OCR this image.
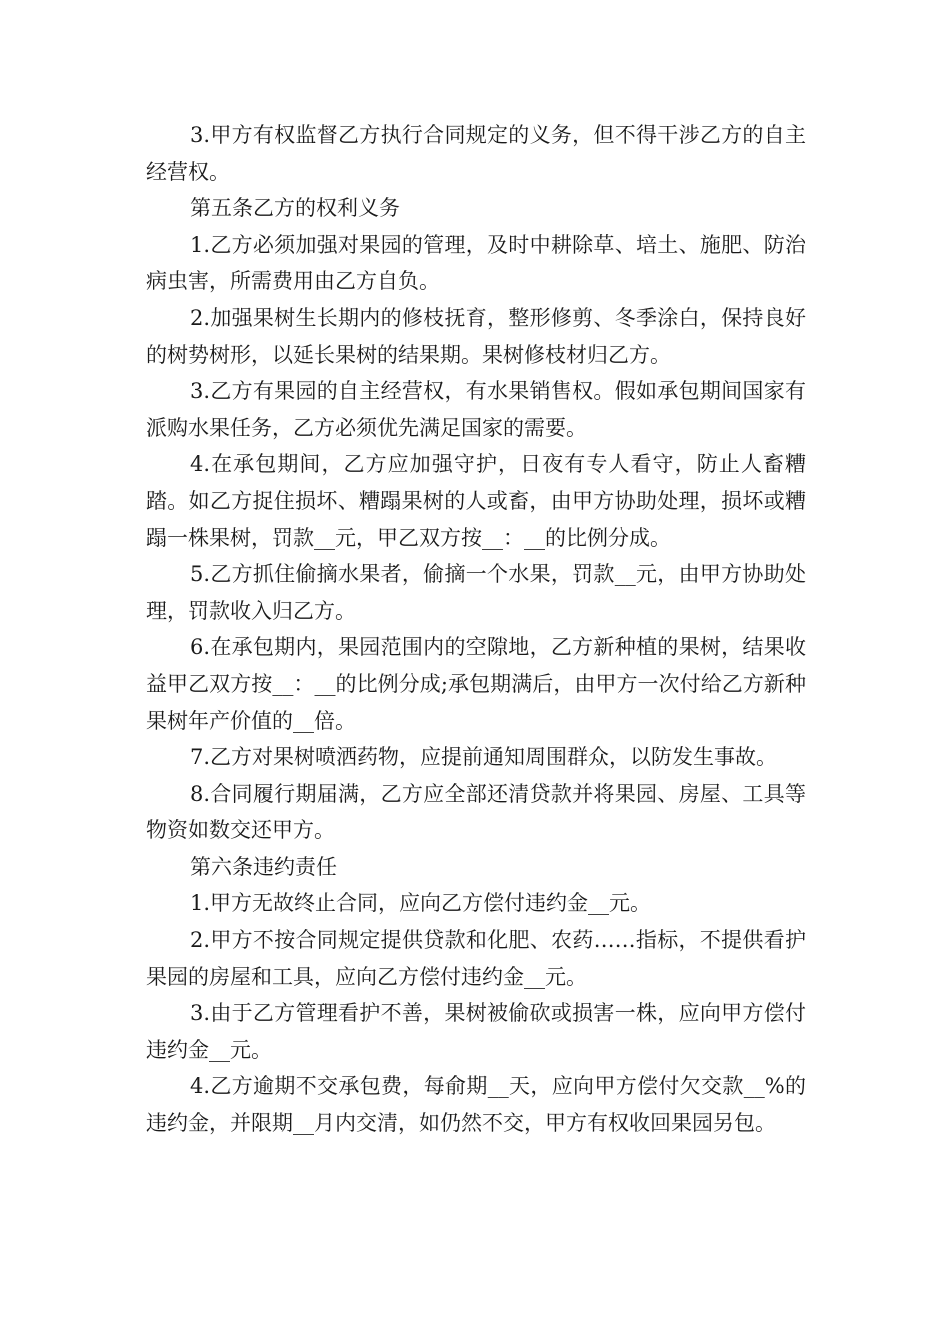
3.甲方有权监督乙方执行合同规定的义务，但不得干涉乙方的自主经营权。

第五条乙方的权利义务

1.乙方必须加强对果园的管理，及时中耕除草、培土、施肥、防治病虫害，所需费用由乙方自负。

2.加强果树生长期内的修枝抚育，整形修剪、冬季涂白，保持良好的树势树形，以延长果树的结果期。果树修枝材归乙方。

3.乙方有果园的自主经营权，有水果销售权。假如承包期间国家有派购水果任务，乙方必须优先满足国家的需要。

4.在承包期间，乙方应加强守护，日夜有专人看守，防止人畜糟踏。如乙方捉住损坏、糟蹋果树的人或畜，由甲方协助处理，损坏或糟蹋一株果树，罚款__元，甲乙双方按__：__的比例分成。

5.乙方抓住偷摘水果者，偷摘一个水果，罚款__元，由甲方协助处理，罚款收入归乙方。

6.在承包期内，果园范围内的空隙地，乙方新种植的果树，结果收益甲乙双方按__：__的比例分成;承包期满后，由甲方一次付给乙方新种果树年产价值的__倍。

7.乙方对果树喷洒药物，应提前通知周围群众，以防发生事故。

8.合同履行期届满，乙方应全部还清贷款并将果园、房屋、工具等物资如数交还甲方。

第六条违约责任

1.甲方无故终止合同，应向乙方偿付违约金__元。

2.甲方不按合同规定提供贷款和化肥、农药……指标，不提供看护果园的房屋和工具，应向乙方偿付违约金__元。

3.由于乙方管理看护不善，果树被偷砍或损害一株，应向甲方偿付违约金__元。

4.乙方逾期不交承包费，每俞期__天，应向甲方偿付欠交款__%的违约金，并限期__月内交清，如仍然不交，甲方有权收回果园另包。
